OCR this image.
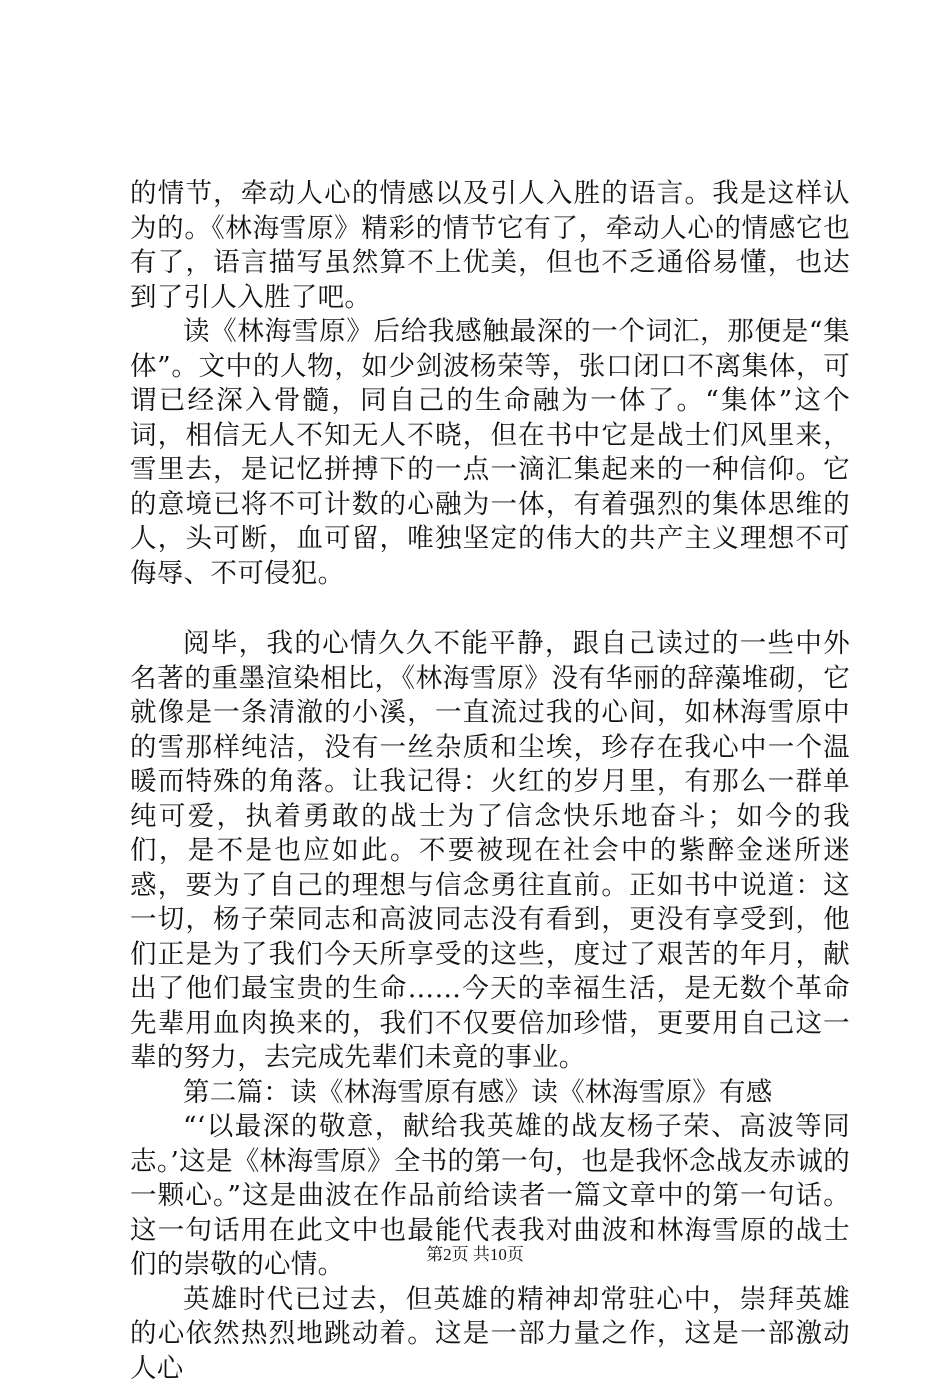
的情节，牵动人心的情感以及引人入胜的语言。我是这样认为的。《林海雪原》精彩的情节它有了，牵动人心的情感它也有了，语言描写虽然算不上优美，但也不乏通俗易懂，也达到了引人入胜了吧。

读《林海雪原》后给我感触最深的一个词汇，那便是“集体”。文中的人物，如少剑波杨荣等，张口闭口不离集体，可谓已经深入骨髓，同自己的生命融为一体了。“集体”这个词，相信无人不知无人不晓，但在书中它是战士们风里来，雪里去，是记忆拼搏下的一点一滴汇集起来的一种信仰。它的意境已将不可计数的心融为一体，有着强烈的集体思维的人，头可断，血可留，唯独坚定的伟大的共产主义理想不可侮辱、不可侵犯。

阅毕，我的心情久久不能平静，跟自己读过的一些中外名著的重墨渲染相比，《林海雪原》没有华丽的辞藻堆砌，它就像是一条清澈的小溪，一直流过我的心间，如林海雪原中的雪那样纯洁，没有一丝杂质和尘埃，珍存在我心中一个温暖而特殊的角落。让我记得：火红的岁月里，有那么一群单纯可爱，执着勇敢的战士为了信念快乐地奋斗；如今的我们，是不是也应如此。不要被现在社会中的紫醉金迷所迷惑，要为了自己的理想与信念勇往直前。正如书中说道：这一切，杨子荣同志和高波同志没有看到，更没有享受到，他们正是为了我们今天所享受的这些，度过了艰苦的年月，献出了他们最宝贵的生命……今天的幸福生活，是无数个革命先辈用血肉换来的，我们不仅要倍加珍惜，更要用自己这一辈的努力，去完成先辈们未竟的事业。

第二篇：读《林海雪原有感》读《林海雪原》有感

“‘以最深的敬意，献给我英雄的战友杨子荣、高波等同志。’这是《林海雪原》全书的第一句，也是我怀念战友赤诚的一颗心。”这是曲波在作品前给读者一篇文章中的第一句话。这一句话用在此文中也最能代表我对曲波和林海雪原的战士们的崇敬的心情。

英雄时代已过去，但英雄的精神却常驻心中，崇拜英雄的心依然热烈地跳动着。这是一部力量之作，这是一部激动人心

第2页 共10页
